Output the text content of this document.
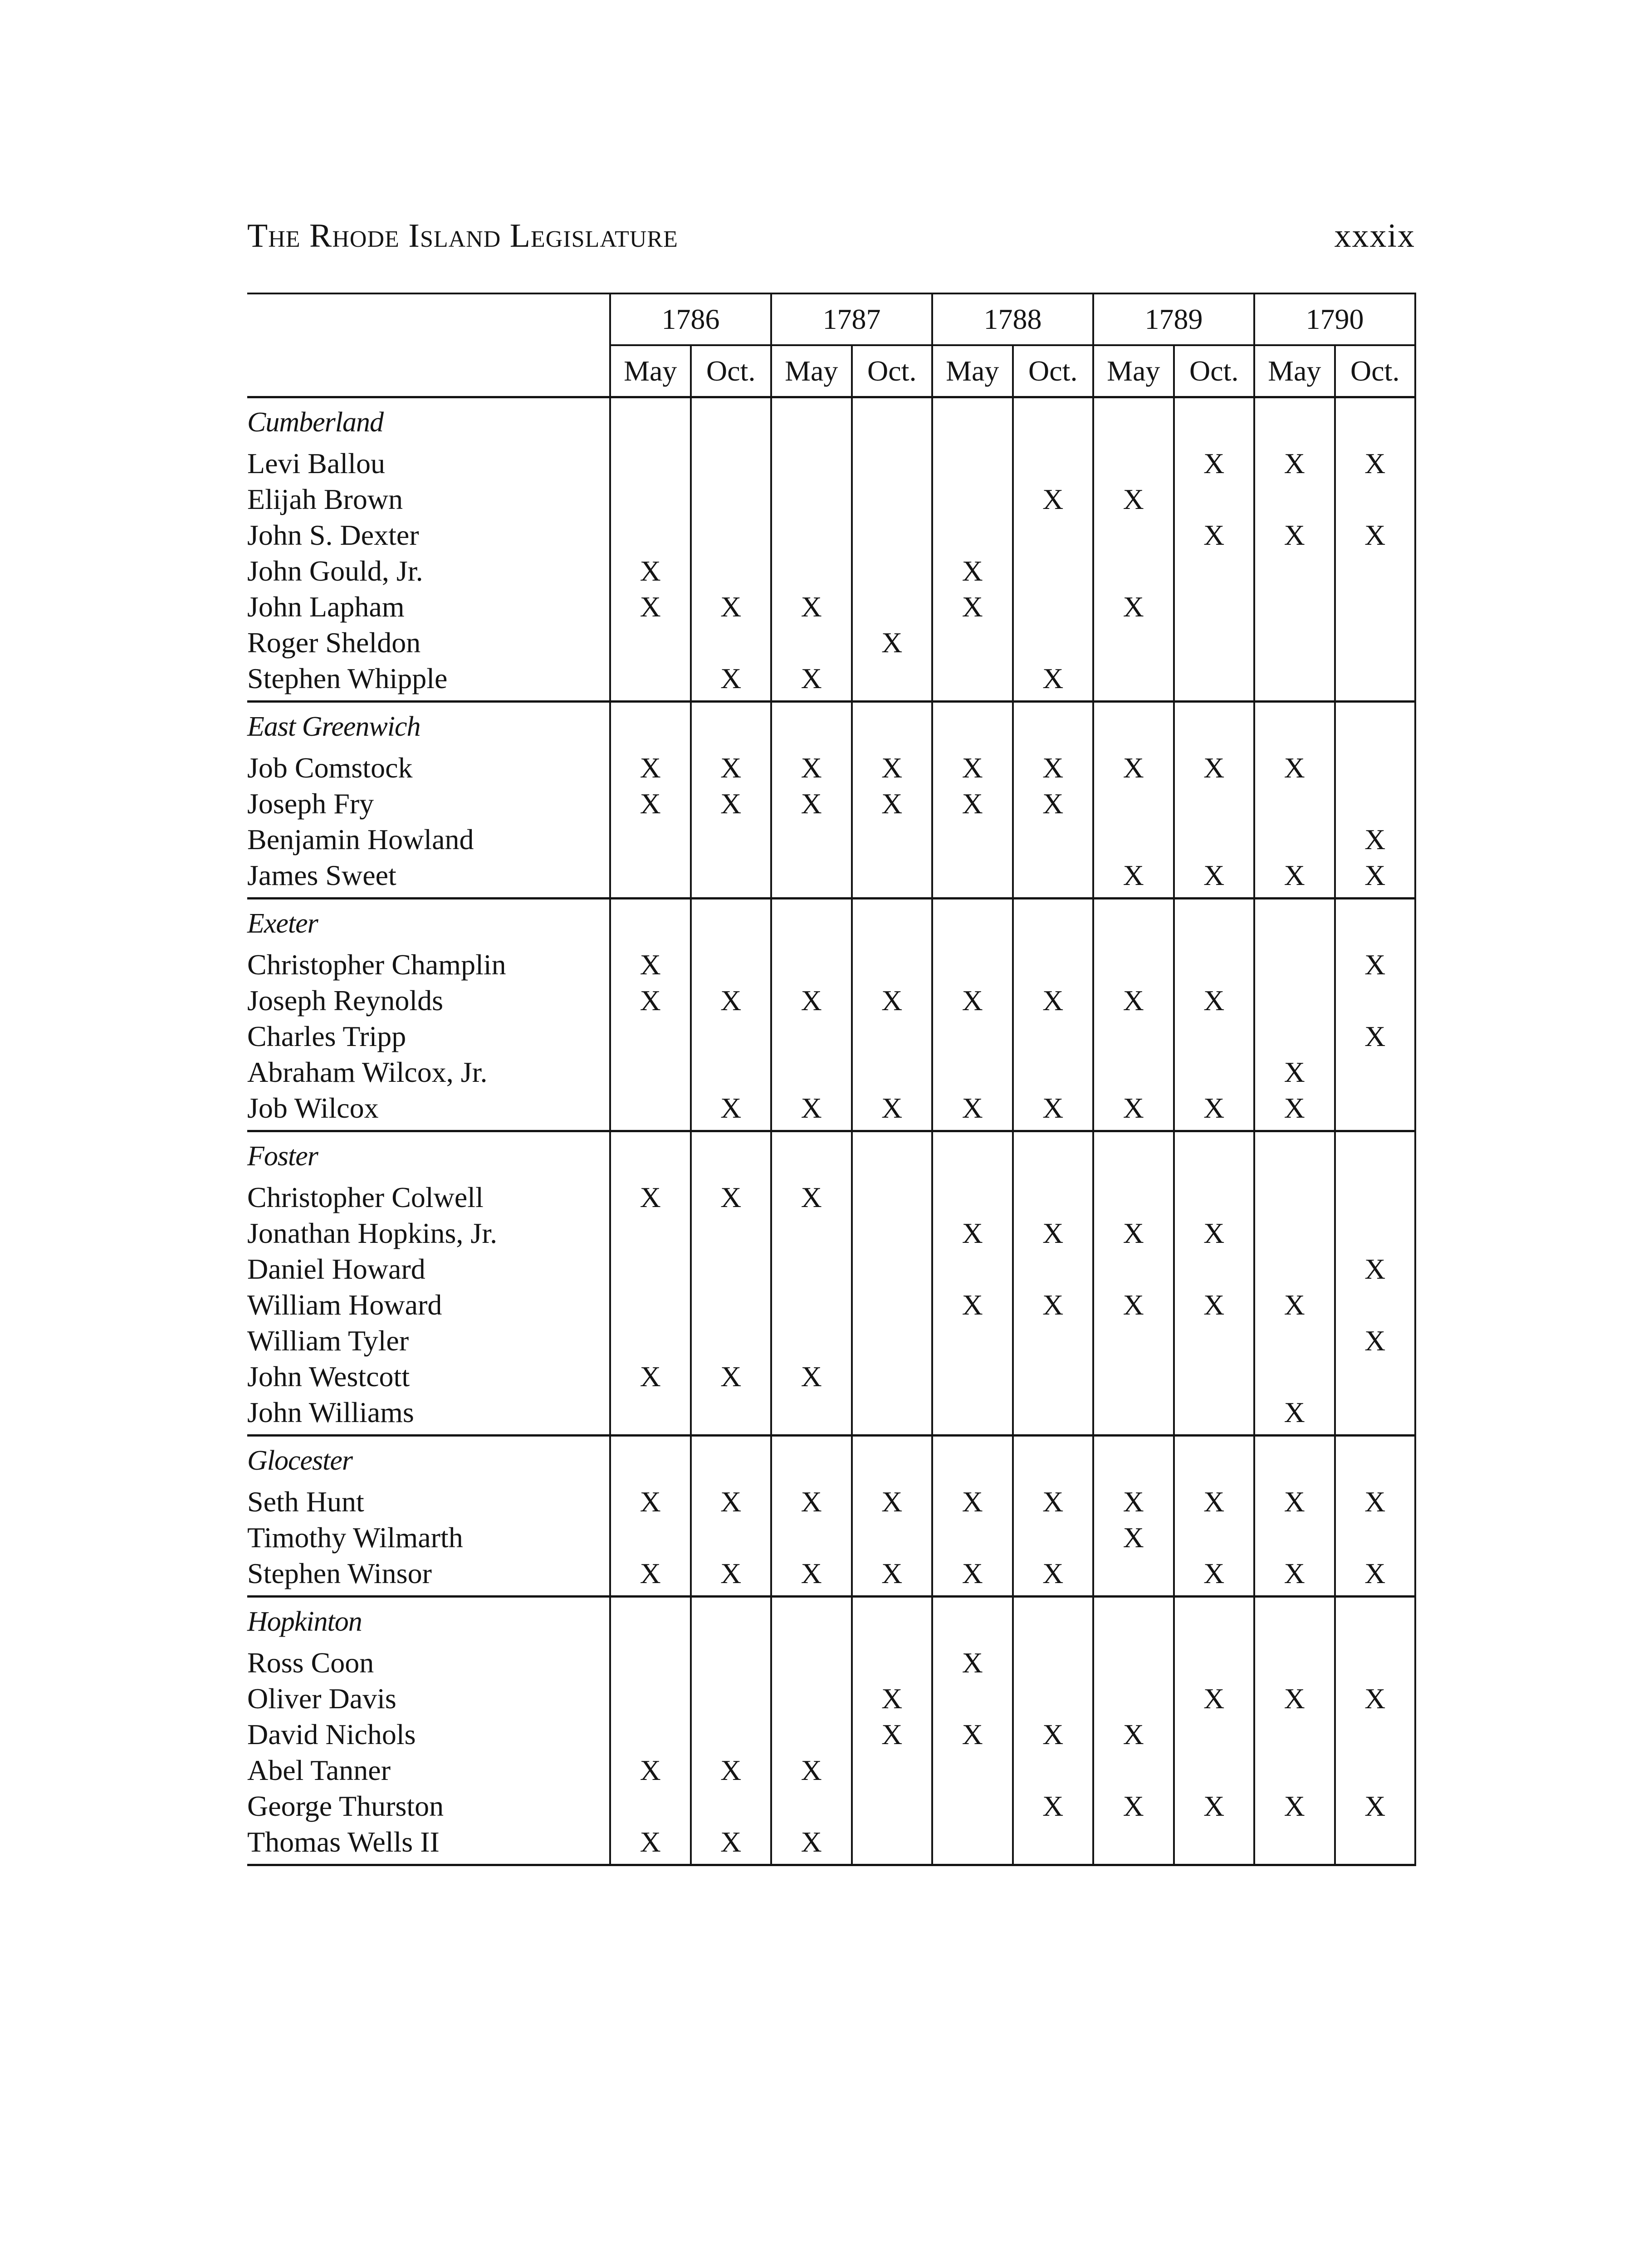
The Rhode Island Legislature	xxxix
	1786		1787		1788		1789		1790	
	May	Oct.	May	Oct.	May	Oct.	May	Oct.	May	Oct.
Cumberland										
Levi Ballou								X	X	X
Elijah Brown						X	X			
John S. Dexter								X	X	X
John Gould, Jr.	X				X					
John Lapham	X	X	X		X		X			
Roger Sheldon				X						
Stephen Whipple		X	X			X				
East Greenwich										
Job Comstock	X	X	X	X	X	X	X	X	X	
Joseph Fry	X	X	X	X	X	X				
Benjamin Howland										X
James Sweet							X	X	X	X
Exeter										
Christopher Champlin	X									X
Joseph Reynolds	X	X	X	X	X	X	X	X		
Charles Tripp										X
Abraham Wilcox, Jr.									X	
Job Wilcox		X	X	X	X	X	X	X	X	
Foster										
Christopher Colwell	X	X	X							
Jonathan Hopkins, Jr.					X	X	X	X		
Daniel Howard										X
William Howard					X	X	X	X	X	
William Tyler										X
John Westcott	X	X	X							
John Williams									X	
Glocester										
Seth Hunt	X	X	X	X	X	X	X	X	X	X
Timothy Wilmarth							X			
Stephen Winsor	X	X	X	X	X	X		X	X	X
Hopkinton										
Ross Coon					X					
Oliver Davis				X				X	X	X
David Nichols				X	X	X	X			
Abel Tanner	X	X	X							
George Thurston						X	X	X	X	X
Thomas Wells II	X	X	X							
